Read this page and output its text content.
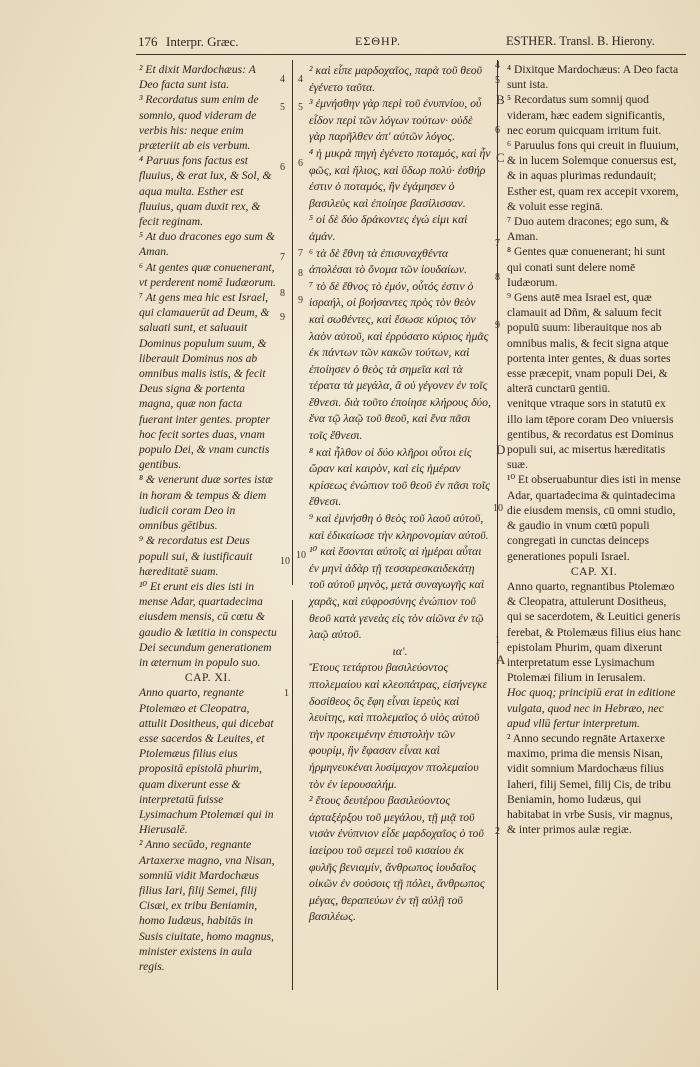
176 Interpr. Græc.	ΕΣΘΗΡ.	ESTHER. Transl. B. Hierony.
4
5
6
7
8
9
10
1
4
5
6
7
8
9
10
4
5
6
7
8
9
10
1
2
B
C
D
A

² Et dixit Mardochæus: A Deo facta sunt ista.

³ Recordatus sum enim de somnio, quod videram de verbis his: neque enim præteriit ab eis verbum.

⁴ Paruus fons factus est fluuius, & erat lux, & Sol, & aqua multa. Esther est fluuius, quam duxit rex, & fecit reginam.

⁵ At duo dracones ego sum & Aman.

⁶ At gentes quæ conuenerant, vt perderent nomē Iudæorum.

⁷ At gens mea hic est Israel, qui clamauerūt ad Deum, & saluati sunt, et saluauit Dominus populum suum, & liberauit Dominus nos ab omnibus malis istis, & fecit Deus signa & portenta magna, quæ non facta fuerant inter gentes. propter hoc fecit sortes duas, vnam populo Dei, & vnam cunctis gentibus.

⁸ & venerunt duæ sortes istæ in horam & tempus & diem iudicii coram Deo in omnibus gētibus.

⁹ & recordatus est Deus populi sui, & iustificauit hæreditatē suam.

¹⁰ Et erunt eis dies isti in mense Adar, quartadecima eiusdem mensis, cū cœtu & gaudio & lætitia in conspectu Dei secundum generationem in æternum in populo suo.

CAP. XI.

Anno quarto, regnante Ptolemæo et Cleopatra, attulit Dositheus, qui dicebat esse sacerdos & Leuites, et Ptolemæus filius eius propositā epistolā phurim, quam dixerunt esse & interpretatū fuisse Lysimachum Ptolemæi qui in Hierusalē.

² Anno secūdo, regnante Artaxerxe magno, vna Nisan, somniū vidit Mardochæus filius Iari, filij Semei, filij Cisæi, ex tribu Beniamin, homo Iudæus, habitās in Susis ciuitate, homo magnus, minister existens in aula regis.

² καὶ εἶπε μαρδοχαῖος, παρὰ τοῦ θεοῦ ἐγένετο ταῦτα.

³ ἐμνήσθην γὰρ περὶ τοῦ ἐνυπνίου, οὗ εἶδον περὶ τῶν λόγων τούτων· οὐδὲ γὰρ παρῆλθεν ἀπ' αὐτῶν λόγος.

⁴ ἡ μικρὰ πηγὴ ἐγένετο ποταμός, καὶ ἦν φῶς, καὶ ἥλιος, καὶ ὕδωρ πολύ· ἐσθήρ ἐστιν ὁ ποταμός, ἣν ἐγάμησεν ὁ βασιλεὺς καὶ ἐποίησε βασίλισσαν.

⁵ οἱ δὲ δύο δράκοντες ἐγώ εἰμι καὶ ἀμάν.

⁶ τὰ δὲ ἔθνη τὰ ἐπισυναχθέντα ἀπολέσαι τὸ ὄνομα τῶν ἰουδαίων.

⁷ τὸ δὲ ἔθνος τὸ ἐμόν, οὗτός ἐστιν ὁ ἰσραήλ, οἱ βοήσαντες πρὸς τὸν θεὸν καὶ σωθέντες, καὶ ἔσωσε κύριος τὸν λαὸν αὐτοῦ, καὶ ἐρρύσατο κύριος ἡμᾶς ἐκ πάντων τῶν κακῶν τούτων, καὶ ἐποίησεν ὁ θεὸς τὰ σημεῖα καὶ τὰ τέρατα τὰ μεγάλα, ἃ οὐ γέγονεν ἐν τοῖς ἔθνεσι. διὰ τοῦτο ἐποίησε κλήρους δύο, ἕνα τῷ λαῷ τοῦ θεοῦ, καὶ ἕνα πᾶσι τοῖς ἔθνεσι.

⁸ καὶ ἦλθον οἱ δύο κλῆροι οὗτοι εἰς ὥραν καὶ καιρὸν, καὶ εἰς ἡμέραν κρίσεως ἐνώπιον τοῦ θεοῦ ἐν πᾶσι τοῖς ἔθνεσι.

⁹ καὶ ἐμνήσθη ὁ θεὸς τοῦ λαοῦ αὐτοῦ, καὶ ἐδικαίωσε τὴν κληρονομίαν αὐτοῦ.

¹⁰ καὶ ἔσονται αὐτοῖς αἱ ἡμέραι αὗται ἐν μηνὶ ἀδὰρ τῇ τεσσαρεσκαιδεκάτῃ τοῦ αὐτοῦ μηνὸς, μετὰ συναγωγῆς καὶ χαρᾶς, καὶ εὐφροσύνης ἐνώπιον τοῦ θεοῦ κατὰ γενεὰς εἰς τὸν αἰῶνα ἐν τῷ λαῷ αὐτοῦ.

ια'.

Ἔτους τετάρτου βασιλεύοντος πτολεμαίου καὶ κλεοπάτρας, εἰσήνεγκε δοσίθεος ὃς ἔφη εἶναι ἱερεὺς καὶ λευίτης, καὶ πτολεμαῖος ὁ υἱὸς αὐτοῦ τὴν προκειμένην ἐπιστολὴν τῶν φουρίμ, ἣν ἔφασαν εἶναι καὶ ἡρμηνευκέναι λυσίμαχον πτολεμαίου τὸν ἐν ἱερουσαλήμ.

² ἔτους δευτέρου βασιλεύοντος ἀρταξέρξου τοῦ μεγάλου, τῇ μιᾷ τοῦ νισὰν ἐνύπνιον εἶδε μαρδοχαῖος ὁ τοῦ ἰαείρου τοῦ σεμεεὶ τοῦ κισαίου ἐκ φυλῆς βενιαμίν, ἄνθρωπος ἰουδαῖος οἰκῶν ἐν σούσοις τῇ πόλει, ἄνθρωπος μέγας, θεραπεύων ἐν τῇ αὐλῇ τοῦ βασιλέως.

⁴ Dixitque Mardochæus: A Deo facta sunt ista.

⁵ Recordatus sum somnij quod videram, hæc eadem significantis, nec eorum quicquam irritum fuit.

⁶ Paruulus fons qui creuit in fluuium, & in lucem Solemque conuersus est, & in aquas plurimas redundauit; Esther est, quam rex accepit vxorem, & voluit esse reginā.

⁷ Duo autem dracones; ego sum, & Aman.

⁸ Gentes quæ conuenerant; hi sunt qui conati sunt delere nomē Iudæorum.

⁹ Gens autē mea Israel est, quæ clamauit ad Dñm, & saluum fecit populū suum: liberauitque nos ab omnibus malis, & fecit signa atque portenta inter gentes, & duas sortes esse præcepit, vnam populi Dei, & alterā cunctarū gentiū.

venitque vtraque sors in statutū ex illo iam tēpore coram Deo vniuersis gentibus, & recordatus est Dominus populi sui, ac misertus hæreditatis suæ.

¹⁰ Et obseruabuntur dies isti in mense Adar, quartadecima & quintadecima die eiusdem mensis, cū omni studio, & gaudio in vnum cœtū populi congregati in cunctas deinceps generationes populi Israel.

CAP. XI.

Anno quarto, regnantibus Ptolemæo & Cleopatra, attulerunt Dositheus, qui se sacerdotem, & Leuitici generis ferebat, & Ptolemæus filius eius hanc epistolam Phurim, quam dixerunt interpretatum esse Lysimachum Ptolemæi filium in Ierusalem.

Hoc quoq; principiū erat in editione vulgata, quod nec in Hebræo, nec apud vllū fertur interpretum.

² Anno secundo regnāte Artaxerxe maximo, prima die mensis Nisan, vidit somnium Mardochæus filius Iaheri, filij Semei, filij Cis, de tribu Beniamin, homo Iudæus, qui habitabat in vrbe Susis, vir magnus, & inter primos aulæ regiæ.
